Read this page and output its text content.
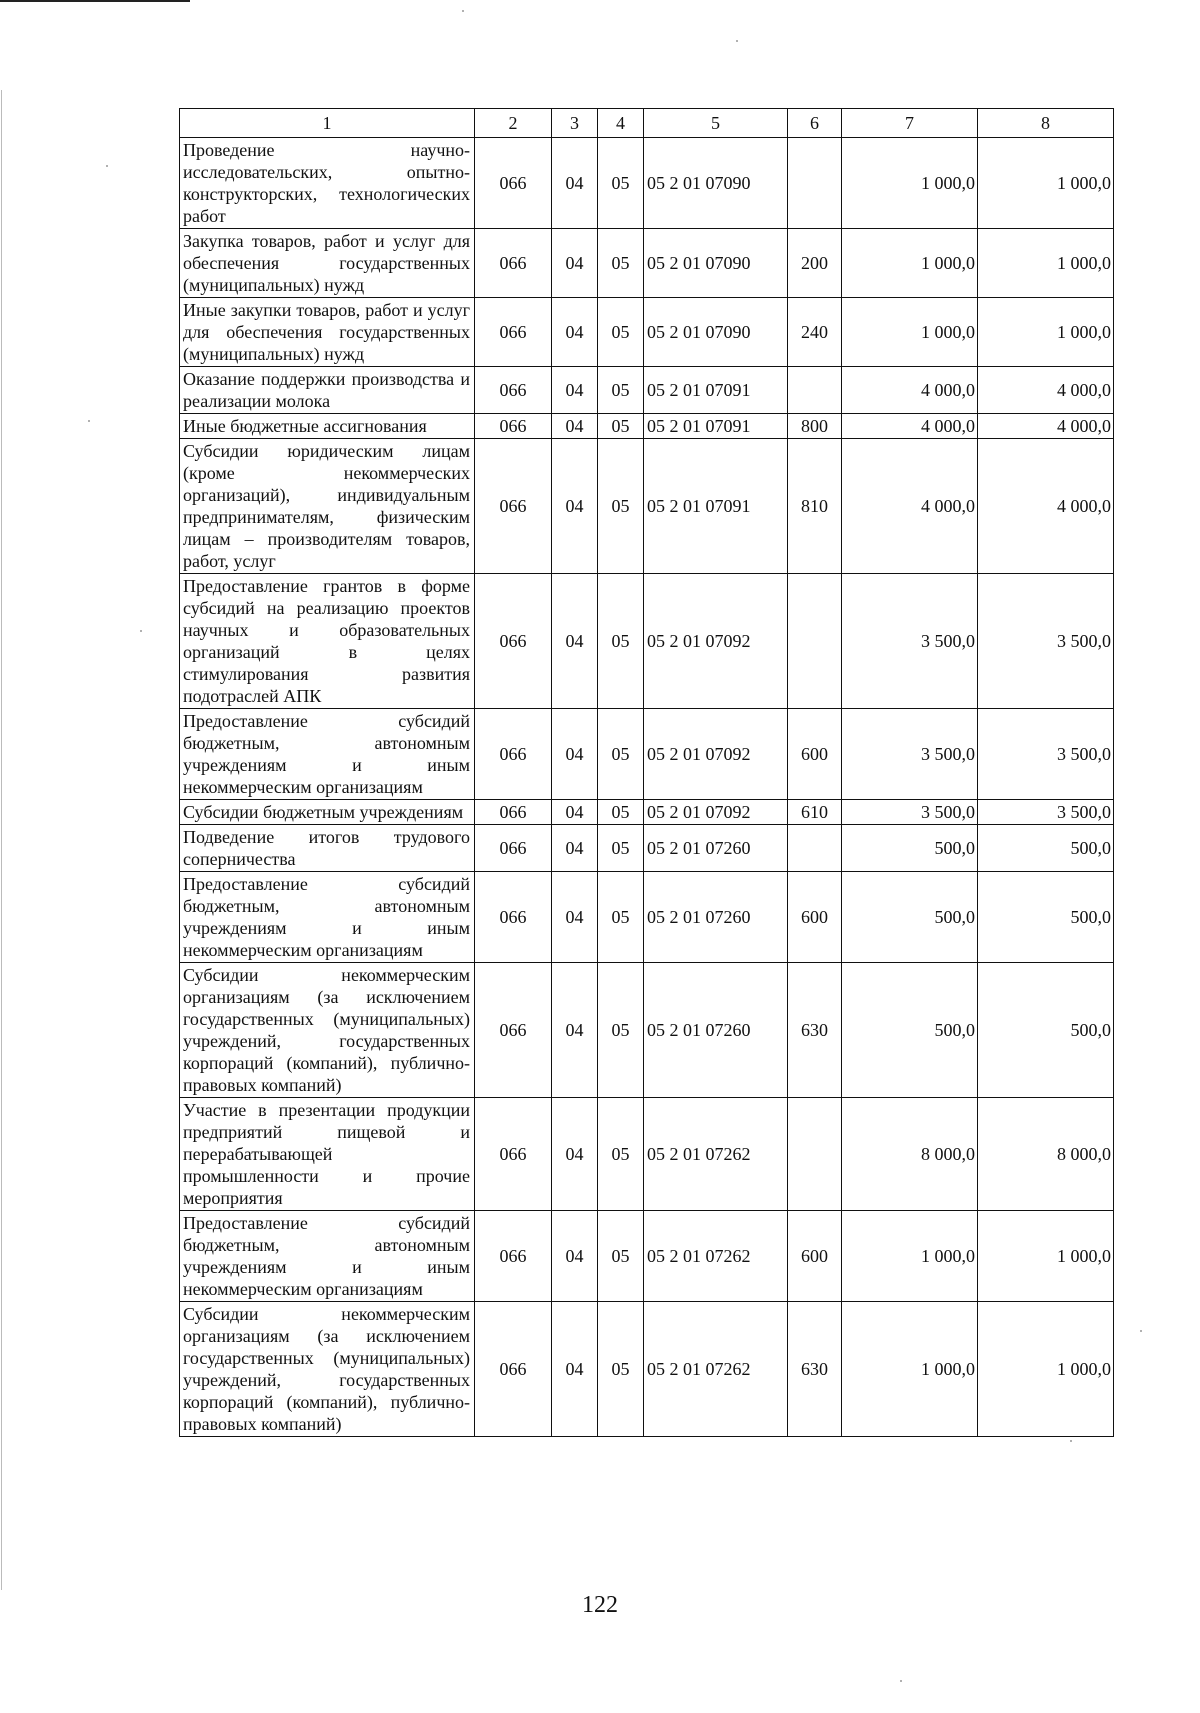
1	2	3	4	5	6	7	8
Проведение научно-исследовательских, опытно-конструкторских, технологических работ	066	04	05	05 2 01 07090		1 000,0	1 000,0
Закупка товаров, работ и услуг для обеспечения государственных (муниципальных) нужд	066	04	05	05 2 01 07090	200	1 000,0	1 000,0
Иные закупки товаров, работ и услуг для обеспечения государственных (муниципальных) нужд	066	04	05	05 2 01 07090	240	1 000,0	1 000,0
Оказание поддержки производства и реализации молока	066	04	05	05 2 01 07091		4 000,0	4 000,0
Иные бюджетные ассигнования	066	04	05	05 2 01 07091	800	4 000,0	4 000,0
Субсидии юридическим лицам (кроме некоммерческих организаций), индивидуальным предпринимателям, физическим лицам – производителям товаров, работ, услуг	066	04	05	05 2 01 07091	810	4 000,0	4 000,0
Предоставление грантов в форме субсидий на реализацию проектов научных и образовательных организаций в целях стимулирования развития подотраслей АПК	066	04	05	05 2 01 07092		3 500,0	3 500,0
Предоставление субсидий бюджетным, автономным учреждениям и иным некоммерческим организациям	066	04	05	05 2 01 07092	600	3 500,0	3 500,0
Субсидии бюджетным учреждениям	066	04	05	05 2 01 07092	610	3 500,0	3 500,0
Подведение итогов трудового соперничества	066	04	05	05 2 01 07260		500,0	500,0
Предоставление субсидий бюджетным, автономным учреждениям и иным некоммерческим организациям	066	04	05	05 2 01 07260	600	500,0	500,0
Субсидии некоммерческим организациям (за исключением государственных (муниципальных) учреждений, государственных корпораций (компаний), публично-правовых компаний)	066	04	05	05 2 01 07260	630	500,0	500,0
Участие в презентации продукции предприятий пищевой и перерабатывающей промышленности и прочие мероприятия	066	04	05	05 2 01 07262		8 000,0	8 000,0
Предоставление субсидий бюджетным, автономным учреждениям и иным некоммерческим организациям	066	04	05	05 2 01 07262	600	1 000,0	1 000,0
Субсидии некоммерческим организациям (за исключением государственных (муниципальных) учреждений, государственных корпораций (компаний), публично-правовых компаний)	066	04	05	05 2 01 07262	630	1 000,0	1 000,0
122
